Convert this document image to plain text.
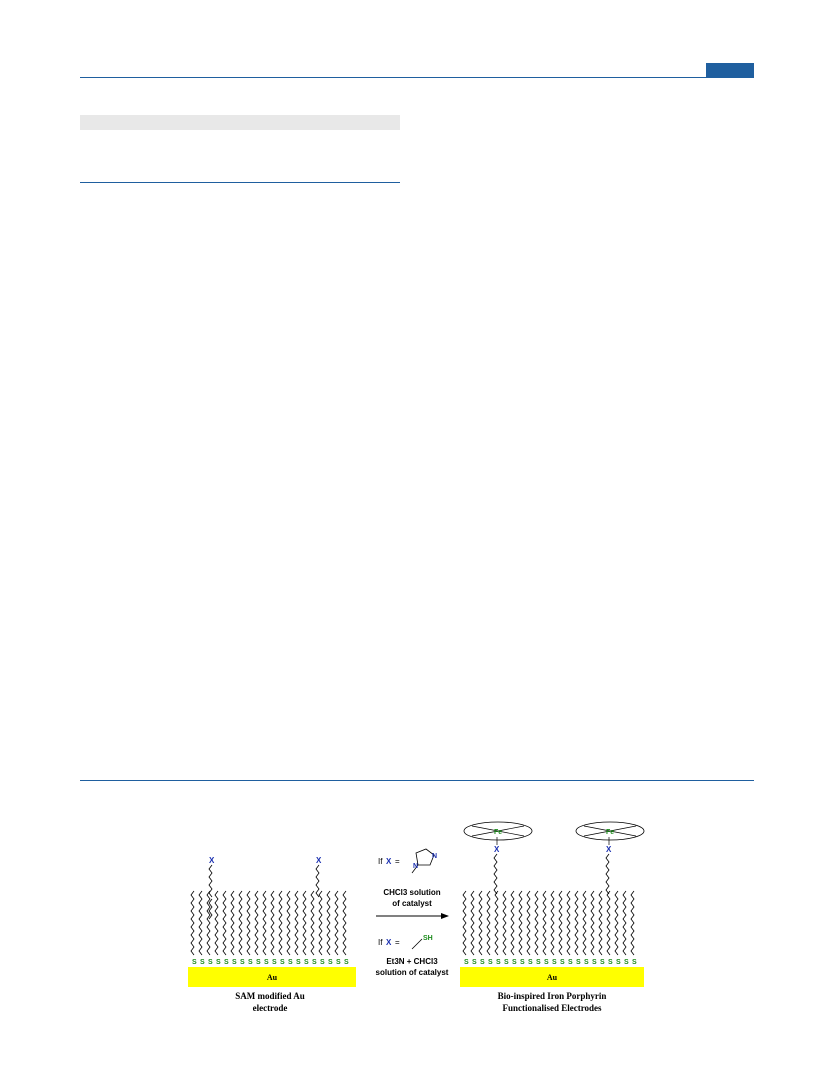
S S S S S S S S S S S S S S S S S S S S
Au
X	X
SAM modified Au
electrode
If X =
N
N
CHCl3 solution
of catalyst
If X =	SH
Et3N + CHCl3
solution of catalyst
S S S S S S S S S S S S S S S S S S S S S S
Au
Fe
X
Fe
X
Bio-inspired Iron Porphyrin
Functionalised Electrodes
